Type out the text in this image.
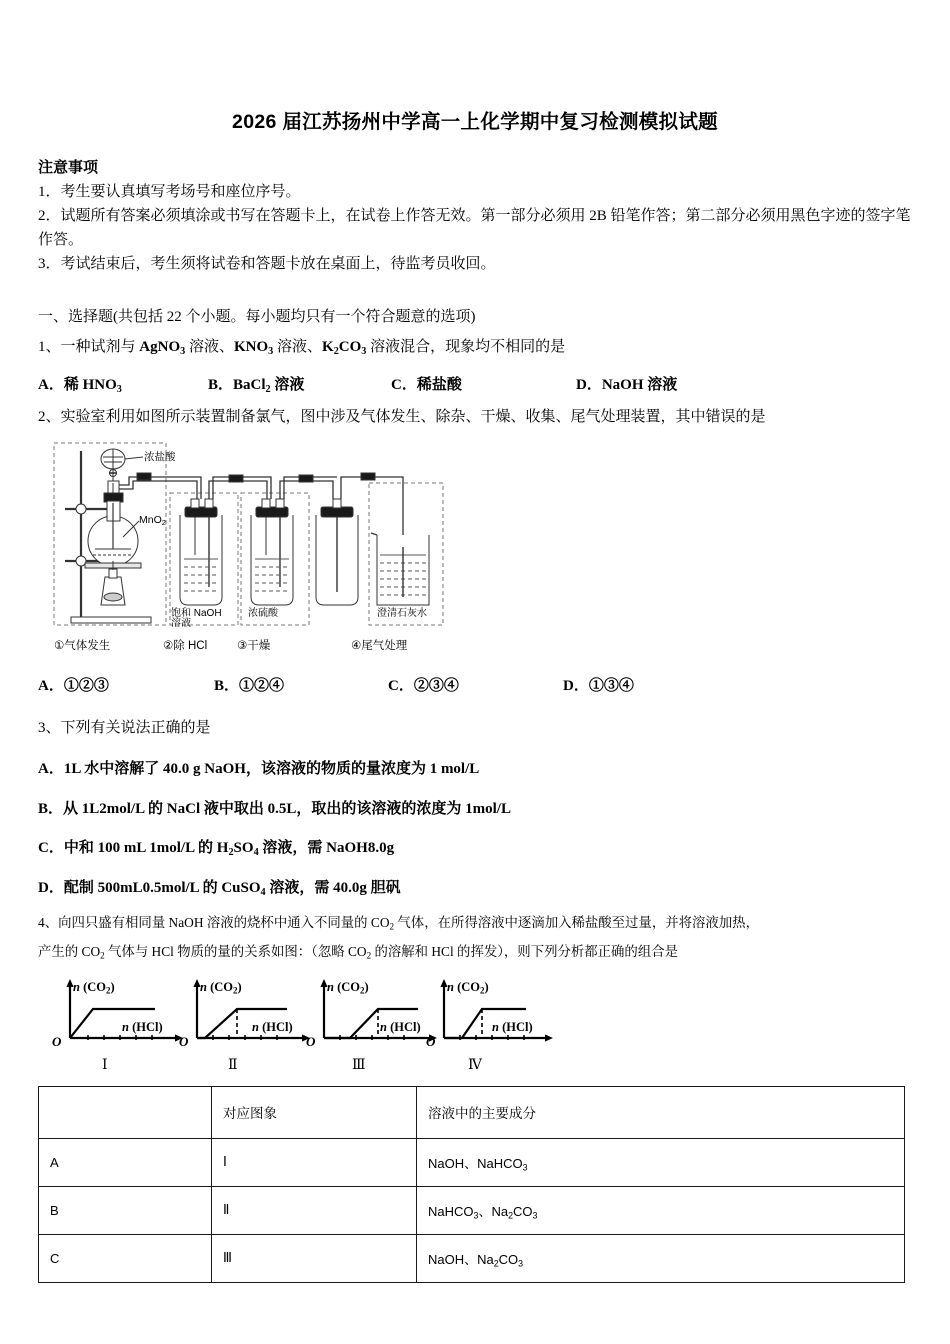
2026 届江苏扬州中学高一上化学期中复习检测模拟试题
注意事项
1．考生要认真填写考场号和座位序号。
2．试题所有答案必须填涂或书写在答题卡上，在试卷上作答无效。第一部分必须用 2B 铅笔作答；第二部分必须用黑色字迹的签字笔作答。
3．考试结束后，考生须将试卷和答题卡放在桌面上，待监考员收回。
一、选择题(共包括 22 个小题。每小题均只有一个符合题意的选项)
1、一种试剂与 AgNO$_3$ 溶液、$KNO_3$ 溶液、$K_2CO_3$ 溶液混合，现象均不相同的是
A．稀 $HNO_3$	B．BaCl$_2$ 溶液	C．稀盐酸	D．NaOH 溶液
2、实验室利用如图所示装置制备氯气，图中涉及气体发生、除杂、干燥、收集、尾气处理装置，其中错误的是
浓盐酸
MnO2
饱和 NaOH
溶液
浓硫酸	澄清石灰水
①气体发生	②除 HCl	③干燥	④尾气处理
A．①②③	B．①②④	C．②③④	D．①③④
3、下列有关说法正确的是
A．1L 水中溶解了 40.0 g NaOH，该溶液的物质的量浓度为 1 mol/L
B．从 1L2mol/L 的 NaCl 液中取出 0.5L，取出的该溶液的浓度为 1mol/L
C．中和 100 mL 1mol/L 的 $H_2SO_4$ 溶液，需 NaOH8.0g
D．配制 500mL0.5mol/L 的 CuSO$_4$ 溶液，需 40.0g 胆矾
4、向四只盛有相同量 NaOH 溶液的烧杯中通入不同量的 $CO_2$ 气体，在所得溶液中逐滴加入稀盐酸至过量，并将溶液加热，
产生的 $CO_2$ 气体与 HCl 物质的量的关系如图：（忽略 $CO_2$ 的溶解和 HCl 的挥发），则下列分析都正确的组合是
O
n $(CO_2)$
n (HCl)
Ⅰ
O
n $(CO_2)$
n (HCl)
Ⅱ
O
n $(CO_2)$
n (HCl)
Ⅲ
O
n $(CO_2)$
n (HCl)
Ⅳ
	对应图象	溶液中的主要成分
A	Ⅰ	NaOH、NaHCO$_3$
B	Ⅱ	NaHCO$_3$、$Na_2CO_3$
C	Ⅲ	NaOH、$Na_2CO_3$
